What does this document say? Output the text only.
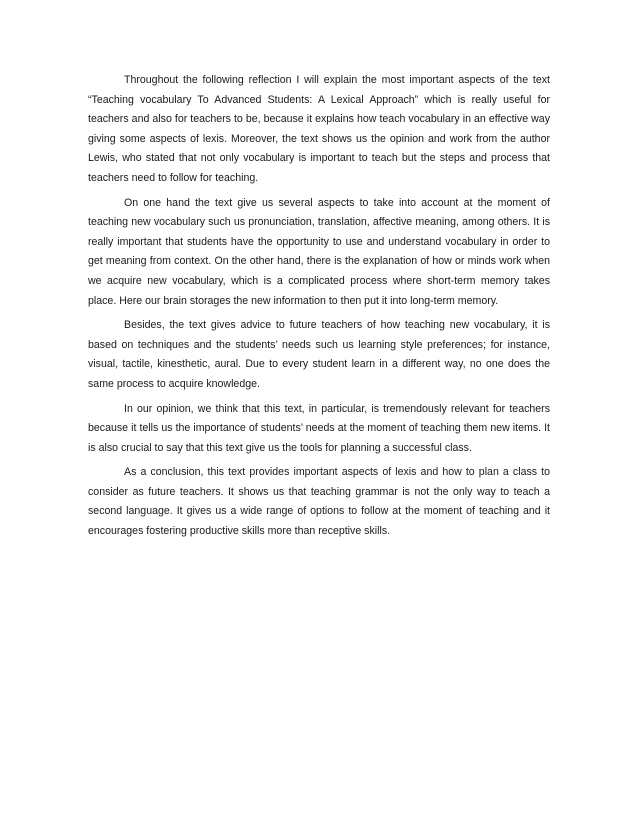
Throughout the following reflection I will explain the most important aspects of the text “Teaching vocabulary To Advanced Students: A Lexical Approach” which is really useful for teachers and also for teachers to be, because it explains how teach vocabulary in an effective way giving some aspects of lexis. Moreover, the text shows us the opinion and work from the author Lewis, who stated that not only vocabulary is important to teach but the steps and process that teachers need to follow for teaching.

On one hand the text give us several aspects to take into account at the moment of teaching new vocabulary such us pronunciation, translation, affective meaning, among others. It is really important that students have the opportunity to use and understand vocabulary in order to get meaning from context. On the other hand, there is the explanation of how or minds work when we acquire new vocabulary, which is a complicated process where short-term memory takes place. Here our brain storages the new information to then put it into long-term memory.

Besides, the text gives advice to future teachers of how teaching new vocabulary, it is based on techniques and the students’ needs such us learning style preferences; for instance, visual, tactile, kinesthetic, aural. Due to every student learn in a different way, no one does the same process to acquire knowledge.

In our opinion, we think that this text, in particular, is tremendously relevant for teachers because it tells us the importance of students’ needs at the moment of teaching them new items. It is also crucial to say that this text give us the tools for planning a successful class.

As a conclusion, this text provides important aspects of lexis and how to plan a class to consider as future teachers. It shows us that teaching grammar is not the only way to teach a second language. It gives us a wide range of options to follow at the moment of teaching and it encourages fostering productive skills more than receptive skills.
